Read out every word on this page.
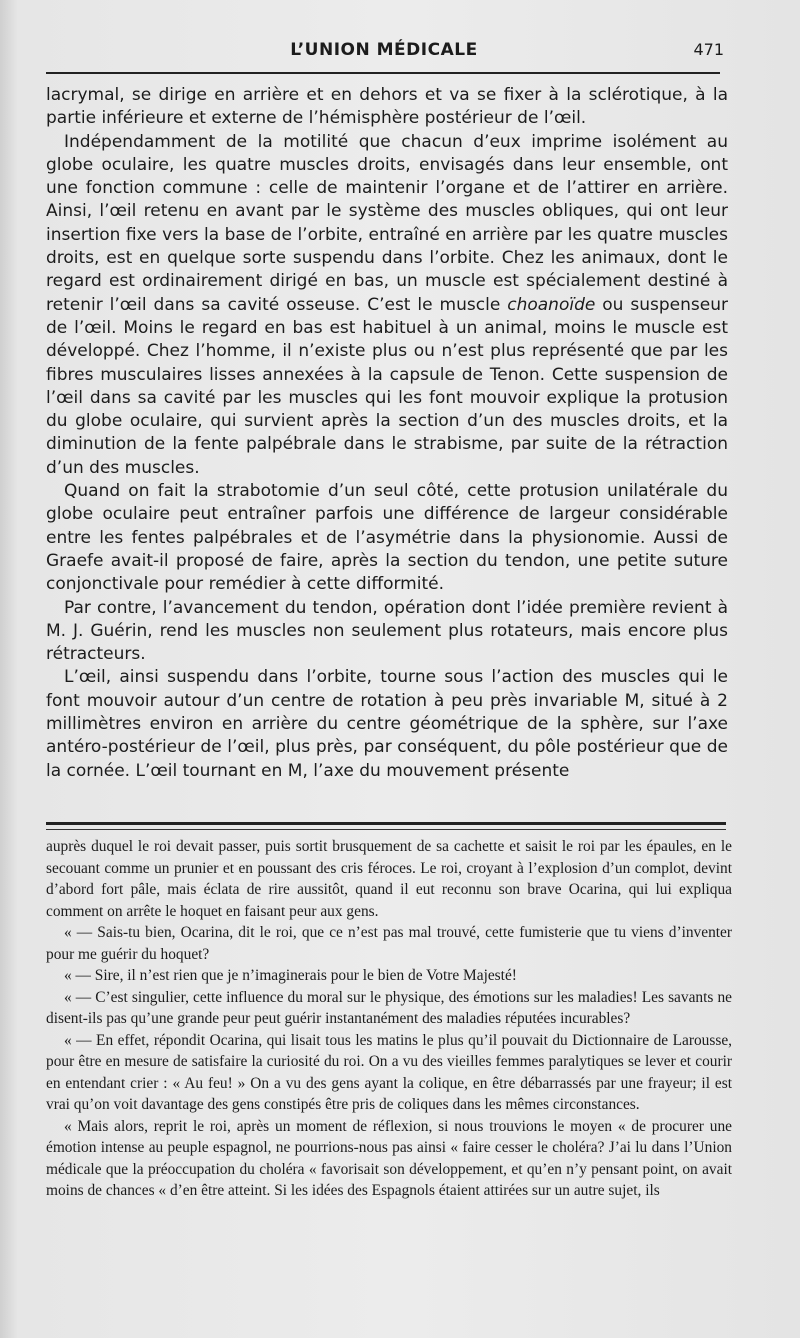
L’UNION MÉDICALE	471

lacrymal, se dirige en arrière et en dehors et va se fixer à la sclérotique, à la partie inférieure et externe de l’hémisphère postérieur de l’œil.

Indépendamment de la motilité que chacun d’eux imprime isolément au globe oculaire, les quatre muscles droits, envisagés dans leur ensemble, ont une fonction commune : celle de maintenir l’organe et de l’attirer en arrière. Ainsi, l’œil retenu en avant par le système des muscles obliques, qui ont leur insertion fixe vers la base de l’orbite, entraîné en arrière par les quatre muscles droits, est en quelque sorte suspendu dans l’orbite. Chez les animaux, dont le regard est ordinairement dirigé en bas, un muscle est spécialement destiné à retenir l’œil dans sa cavité osseuse. C’est le muscle choanoïde ou suspenseur de l’œil. Moins le regard en bas est habituel à un animal, moins le muscle est développé. Chez l’homme, il n’existe plus ou n’est plus représenté que par les fibres musculaires lisses annexées à la capsule de Tenon. Cette suspension de l’œil dans sa cavité par les muscles qui les font mouvoir explique la protusion du globe oculaire, qui survient après la section d’un des muscles droits, et la diminution de la fente palpébrale dans le strabisme, par suite de la rétraction d’un des muscles.

Quand on fait la strabotomie d’un seul côté, cette protusion unilatérale du globe oculaire peut entraîner parfois une différence de largeur considérable entre les fentes palpébrales et de l’asymétrie dans la physionomie. Aussi de Graefe avait-il proposé de faire, après la section du tendon, une petite suture conjonctivale pour remédier à cette difformité.

Par contre, l’avancement du tendon, opération dont l’idée première revient à M. J. Guérin, rend les muscles non seulement plus rotateurs, mais encore plus rétracteurs.

L’œil, ainsi suspendu dans l’orbite, tourne sous l’action des muscles qui le font mouvoir autour d’un centre de rotation à peu près invariable M, situé à 2 millimètres environ en arrière du centre géométrique de la sphère, sur l’axe antéro-postérieur de l’œil, plus près, par conséquent, du pôle postérieur que de la cornée. L’œil tournant en M, l’axe du mouvement présente

auprès duquel le roi devait passer, puis sortit brusquement de sa cachette et saisit le roi par les épaules, en le secouant comme un prunier et en poussant des cris féroces. Le roi, croyant à l’explosion d’un complot, devint d’abord fort pâle, mais éclata de rire aussitôt, quand il eut reconnu son brave Ocarina, qui lui expliqua comment on arrête le hoquet en faisant peur aux gens.

« — Sais-tu bien, Ocarina, dit le roi, que ce n’est pas mal trouvé, cette fumisterie que tu viens d’inventer pour me guérir du hoquet?

« — Sire, il n’est rien que je n’imaginerais pour le bien de Votre Majesté!

« — C’est singulier, cette influence du moral sur le physique, des émotions sur les maladies! Les savants ne disent-ils pas qu’une grande peur peut guérir instantanément des maladies réputées incurables?

« — En effet, répondit Ocarina, qui lisait tous les matins le plus qu’il pouvait du Dictionnaire de Larousse, pour être en mesure de satisfaire la curiosité du roi. On a vu des vieilles femmes paralytiques se lever et courir en entendant crier : « Au feu! » On a vu des gens ayant la colique, en être débarrassés par une frayeur; il est vrai qu’on voit davantage des gens constipés être pris de coliques dans les mêmes circonstances.

« Mais alors, reprit le roi, après un moment de réflexion, si nous trouvions le moyen « de procurer une émotion intense au peuple espagnol, ne pourrions-nous pas ainsi « faire cesser le choléra? J’ai lu dans l’Union médicale que la préoccupation du choléra « favorisait son développement, et qu’en n’y pensant point, on avait moins de chances « d’en être atteint. Si les idées des Espagnols étaient attirées sur un autre sujet, ils
